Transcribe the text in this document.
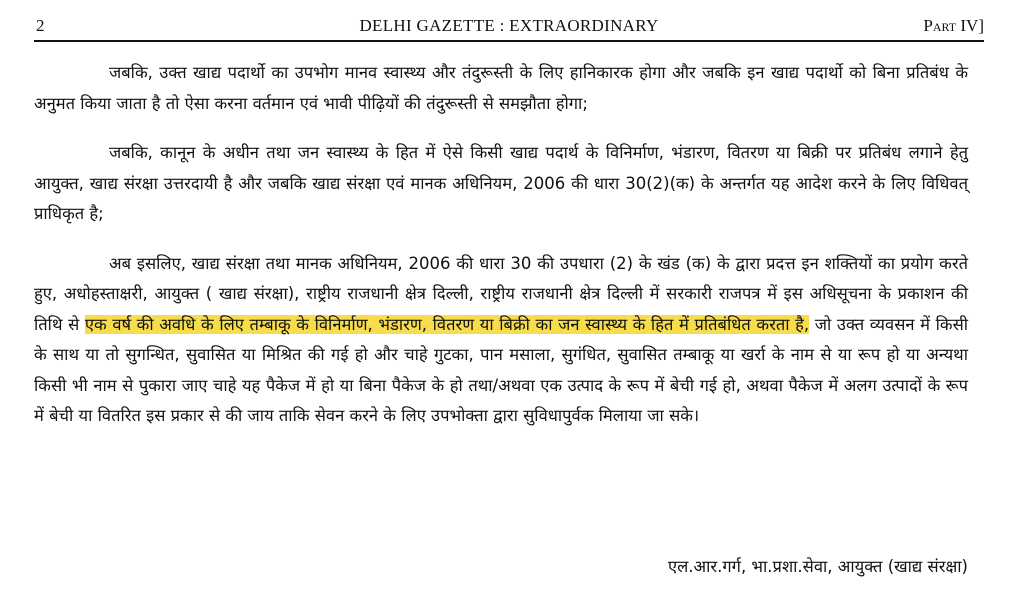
2	DELHI GAZETTE : EXTRAORDINARY	Part IV]

जबकि, उक्त खाद्य पदार्थो का उपभोग मानव स्वास्थ्य और तंदुरूस्ती के लिए हानिकारक होगा और जबकि इन खाद्य पदार्थो को बिना प्रतिबंध के अनुमत किया जाता है तो ऐसा करना वर्तमान एवं भावी पीढ़ियों की तंदुरूस्ती से समझौता होगा;

जबकि, कानून के अधीन तथा जन स्वास्थ्य के हित में ऐसे किसी खाद्य पदार्थ के विनिर्माण, भंडारण, वितरण या बिक्री पर प्रतिबंध लगाने हेतु आयुक्त, खाद्य संरक्षा उत्तरदायी है और जबकि खाद्य संरक्षा एवं मानक अधिनियम, 2006 की धारा 30(2)(क) के अन्तर्गत यह आदेश करने के लिए विधिवत् प्राधिकृत है;

अब इसलिए, खाद्य संरक्षा तथा मानक अधिनियम, 2006 की धारा 30 की उपधारा (2) के खंड (क) के द्वारा प्रदत्त इन शक्तियों का प्रयोग करते हुए, अधोहस्ताक्षरी, आयुक्त ( खाद्य संरक्षा), राष्ट्रीय राजधानी क्षेत्र दिल्ली, राष्ट्रीय राजधानी क्षेत्र दिल्ली में सरकारी राजपत्र में इस अधिसूचना के प्रकाशन की तिथि से एक वर्ष की अवधि के लिए तम्बाकू के विनिर्माण, भंडारण, वितरण या बिक्री का जन स्वास्थ्य के हित में प्रतिबंधित करता है, जो उक्त व्यवसन में किसी के साथ या तो सुगन्धित, सुवासित या मिश्रित की गई हो और चाहे गुटका, पान मसाला, सुगंधित, सुवासित तम्बाकू या खर्रा के नाम से या रूप हो या अन्यथा किसी भी नाम से पुकारा जाए चाहे यह पैकेज में हो या बिना पैकेज के हो तथा/अथवा एक उत्पाद के रूप में बेची गई हो, अथवा पैकेज में अलग उत्पादों के रूप में बेची या वितरित इस प्रकार से की जाय ताकि सेवन करने के लिए उपभोक्ता द्वारा सुविधापुर्वक मिलाया जा सके।

एल.आर.गर्ग, भा.प्रशा.सेवा, आयुक्त (खाद्य संरक्षा)
